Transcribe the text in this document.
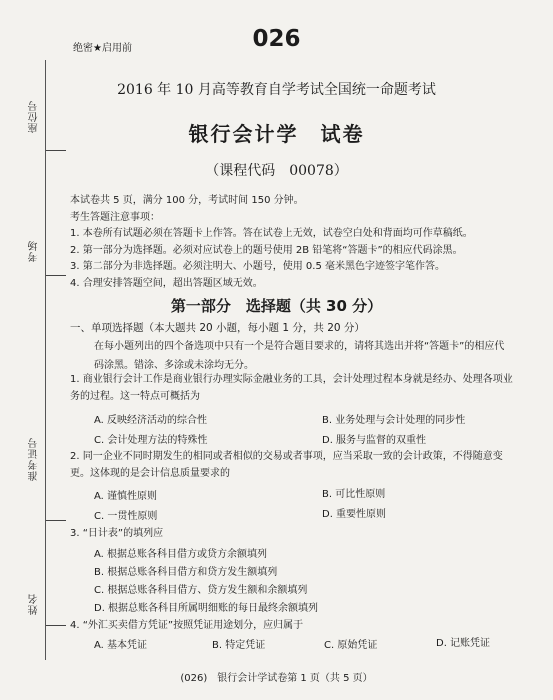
座位号
考场
准考证号
姓名
绝密★启用前	026
2016 年 10 月高等教育自学考试全国统一命题考试
银行会计学　试卷
（课程代码　00078）
本试卷共 5 页，满分 100 分，考试时间 150 分钟。
考生答题注意事项：
1. 本卷所有试题必须在答题卡上作答。答在试卷上无效，试卷空白处和背面均可作草稿纸。
2. 第一部分为选择题。必须对应试卷上的题号使用 2B 铅笔将“答题卡”的相应代码涂黑。
3. 第二部分为非选择题。必须注明大、小题号，使用 0.5 毫米黑色字迹签字笔作答。
4. 合理安排答题空间，超出答题区域无效。
第一部分　选择题（共 30 分）
一、单项选择题（本大题共 20 小题，每小题 1 分，共 20 分）
在每小题列出的四个备选项中只有一个是符合题目要求的，请将其选出并将“答题卡”的相应代码涂黑。错涂、多涂或未涂均无分。
1. 商业银行会计工作是商业银行办理实际金融业务的工具，会计处理过程本身就是经办、处理各项业务的过程。这一特点可概括为
A. 反映经济活动的综合性	B. 业务处理与会计处理的同步性
C. 会计处理方法的特殊性	D. 服务与监督的双重性
2. 同一企业不同时期发生的相同或者相似的交易或者事项，应当采取一致的会计政策，不得随意变更。这体现的是会计信息质量要求的
A. 谨慎性原则	B. 可比性原则
C. 一贯性原则	D. 重要性原则
3. “日计表”的填列应
A. 根据总账各科目借方或贷方余额填列
B. 根据总账各科目借方和贷方发生额填列
C. 根据总账各科目借方、贷方发生额和余额填列
D. 根据总账各科目所属明细账的每日最终余额填列
4. “外汇买卖借方凭证”按照凭证用途划分，应归属于
A. 基本凭证	B. 特定凭证	C. 原始凭证	D. 记账凭证
(026)　银行会计学试卷第 1 页（共 5 页）
